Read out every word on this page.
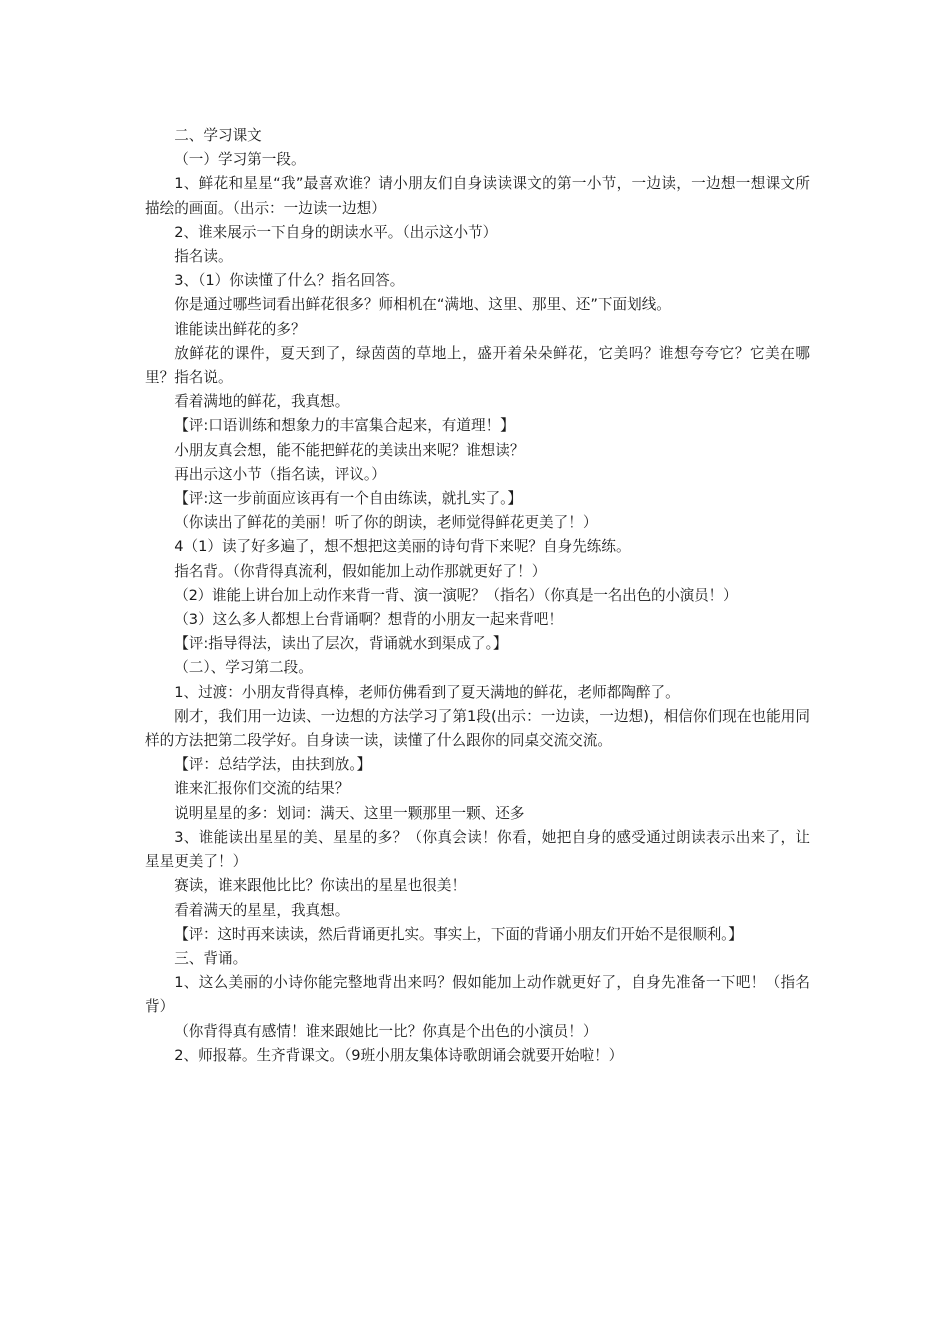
二、学习课文

（一）学习第一段。

1、鲜花和星星“我”最喜欢谁？请小朋友们自身读读课文的第一小节，一边读，一边想一想课文所描绘的画面。（出示：一边读一边想）

2、谁来展示一下自身的朗读水平。（出示这小节）

指名读。

3、（1）你读懂了什么？指名回答。

你是通过哪些词看出鲜花很多？师相机在“满地、这里、那里、还”下面划线。

谁能读出鲜花的多？

放鲜花的课件，夏天到了，绿茵茵的草地上，盛开着朵朵鲜花，它美吗？谁想夸夸它？它美在哪里？指名说。

看着满地的鲜花，我真想。

【评:口语训练和想象力的丰富集合起来，有道理！】

小朋友真会想，能不能把鲜花的美读出来呢？谁想读？

再出示这小节（指名读，评议。）

【评:这一步前面应该再有一个自由练读，就扎实了。】

（你读出了鲜花的美丽！听了你的朗读，老师觉得鲜花更美了！）

4（1）读了好多遍了，想不想把这美丽的诗句背下来呢？自身先练练。

指名背。（你背得真流利，假如能加上动作那就更好了！）

（2）谁能上讲台加上动作来背一背、演一演呢？（指名）（你真是一名出色的小演员！）

（3）这么多人都想上台背诵啊？想背的小朋友一起来背吧！

【评:指导得法，读出了层次，背诵就水到渠成了。】

（二）、学习第二段。

1、过渡：小朋友背得真棒，老师仿佛看到了夏天满地的鲜花，老师都陶醉了。

刚才，我们用一边读、一边想的方法学习了第1段(出示：一边读，一边想)，相信你们现在也能用同样的方法把第二段学好。自身读一读，读懂了什么跟你的同桌交流交流。

【评：总结学法，由扶到放。】

谁来汇报你们交流的结果？

说明星星的多：划词：满天、这里一颗那里一颗、还多

3、谁能读出星星的美、星星的多？（你真会读！你看，她把自身的感受通过朗读表示出来了，让星星更美了！）

赛读，谁来跟他比比？你读出的星星也很美！

看着满天的星星，我真想。

【评：这时再来读读，然后背诵更扎实。事实上，下面的背诵小朋友们开始不是很顺利。】

三、背诵。

1、这么美丽的小诗你能完整地背出来吗？假如能加上动作就更好了，自身先准备一下吧！（指名背）

（你背得真有感情！谁来跟她比一比？你真是个出色的小演员！）

2、师报幕。生齐背课文。（9班小朋友集体诗歌朗诵会就要开始啦！）
